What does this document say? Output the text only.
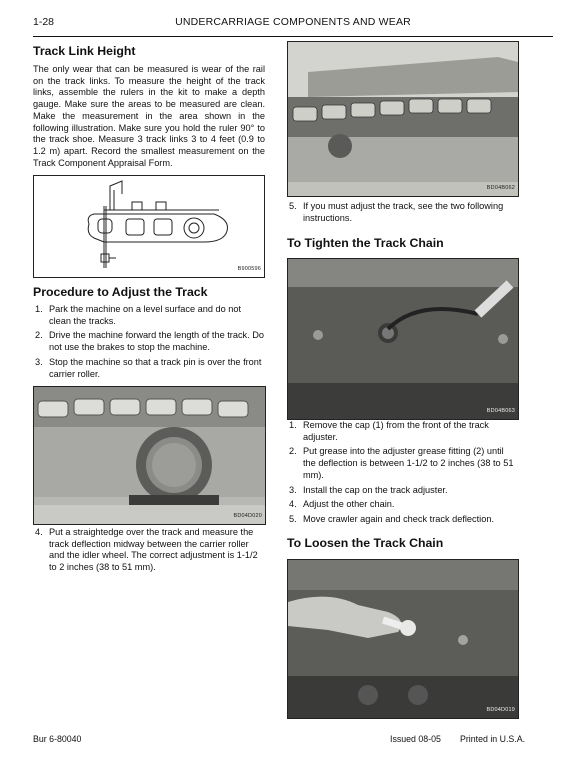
1-28	UNDERCARRIAGE COMPONENTS AND WEAR
Track Link Height

The only wear that can be measured is wear of the rail on the track links. To measure the height of the track links, assemble the rulers in the kit to make a depth gauge. Make sure the areas to be measured are clean. Make the measurement in the area shown in the following illustration. Make sure you hold the ruler 90° to the track shoe. Measure 3 track links 3 to 4 feet (0.9 to 1.2 m) apart. Record the smallest measurement on the Track Component Appraisal Form.

B900596
Procedure to Adjust the Track
1. Park the machine on a level surface and do not clean the tracks.
2. Drive the machine forward the length of the track. Do not use the brakes to stop the machine.
3. Stop the machine so that a track pin is over the front carrier roller.
BD04D020
4. Put a straightedge over the track and measure the track deflection midway between the carrier roller and the idler wheel. The correct adjustment is 1-1/2 to 2 inches (38 to 51 mm).
BD04B062
5. If you must adjust the track, see the two following instructions.
To Tighten the Track Chain
BD04B063
1. Remove the cap (1) from the front of the track adjuster.
2. Put grease into the adjuster grease fitting (2) until the deflection is between 1-1/2 to 2 inches (38 to 51 mm).
3. Install the cap on the track adjuster.
4. Adjust the other chain.
5. Move crawler again and check track deflection.
To Loosen the Track Chain
BD04D019
Bur 6-80040	Issued 08-05 Printed in U.S.A.
